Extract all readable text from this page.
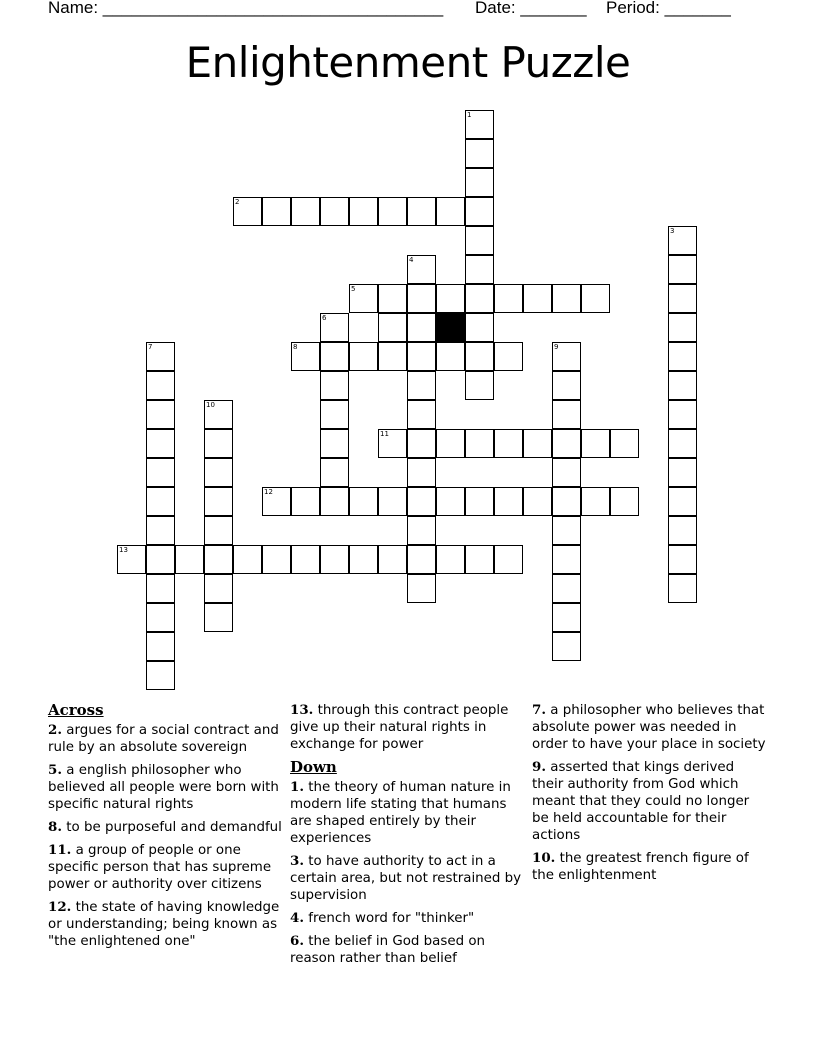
Name: ____________________________________ Date: _______ Period: _______
Enlightenment Puzzle
1
2
3
4
5
6
7	8	9
10
11
12
13
Across
2. argues for a social contract and rule by an absolute sovereign
5. a english philosopher who believed all people were born with specific natural rights
8. to be purposeful and demandful
11. a group of people or one specific person that has supreme power or authority over citizens
12. the state of having knowledge or understanding; being known as "the enlightened one"
13. through this contract people give up their natural rights in exchange for power
Down
1. the theory of human nature in modern life stating that humans are shaped entirely by their experiences
3. to have authority to act in a certain area, but not restrained by supervision
4. french word for "thinker"
6. the belief in God based on reason rather than belief
7. a philosopher who believes that absolute power was needed in order to have your place in society
9. asserted that kings derived their authority from God which meant that they could no longer be held accountable for their actions
10. the greatest french figure of the enlightenment
